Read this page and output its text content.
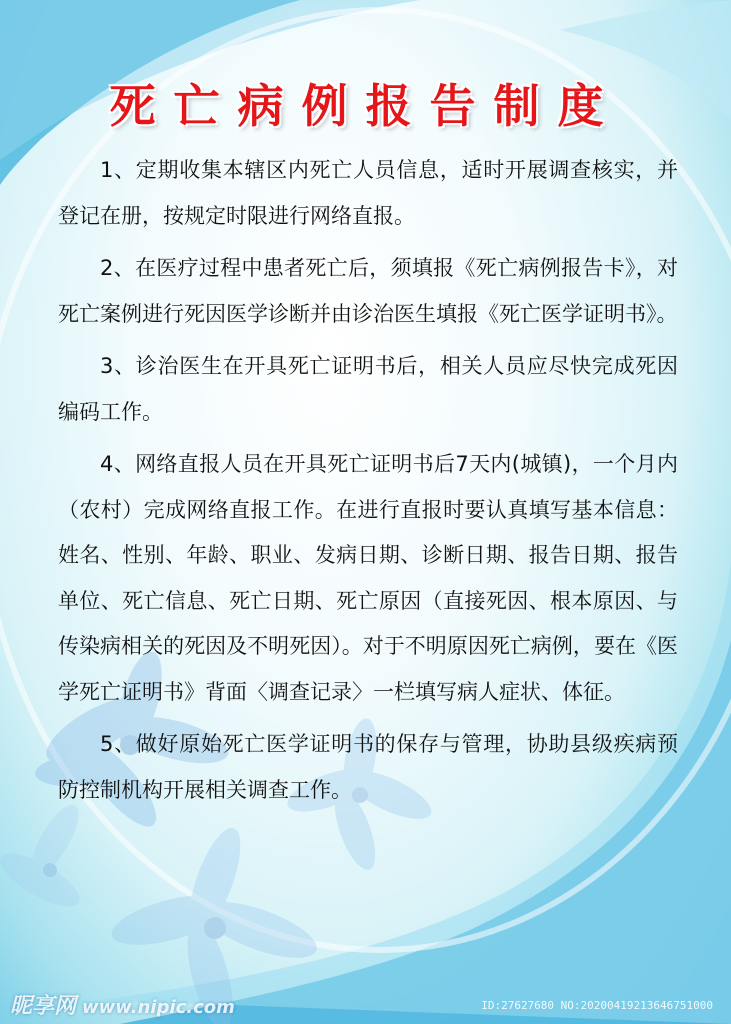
死亡病例报告制度

1、定期收集本辖区内死亡人员信息，适时开展调查核实，并登记在册，按规定时限进行网络直报。

2、在医疗过程中患者死亡后，须填报《死亡病例报告卡》，对死亡案例进行死因医学诊断并由诊治医生填报《死亡医学证明书》。

3、诊治医生在开具死亡证明书后，相关人员应尽快完成死因编码工作。

4、网络直报人员在开具死亡证明书后7天内(城镇)，一个月内（农村）完成网络直报工作。在进行直报时要认真填写基本信息：姓名、性别、年龄、职业、发病日期、诊断日期、报告日期、报告单位、死亡信息、死亡日期、死亡原因（直接死因、根本原因、与传染病相关的死因及不明死因）。对于不明原因死亡病例，要在《医学死亡证明书》背面〈调查记录〉一栏填写病人症状、体征。

5、做好原始死亡医学证明书的保存与管理，协助县级疾病预防控制机构开展相关调查工作。

昵享网 www.nipic.com	ID:27627680 NO:20200419213646751000
